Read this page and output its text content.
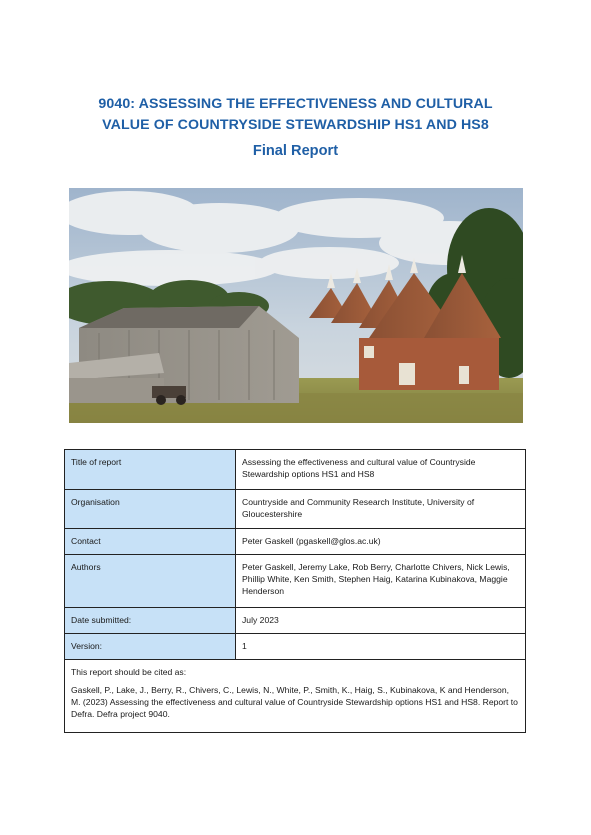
9040: ASSESSING THE EFFECTIVENESS AND CULTURAL
VALUE OF COUNTRYSIDE STEWARDSHIP HS1 AND HS8
Final Report
Title of report	Assessing the effectiveness and cultural value of Countryside Stewardship options HS1 and HS8
Organisation	Countryside and Community Research Institute, University of Gloucestershire
Contact	Peter Gaskell (pgaskell@glos.ac.uk)
Authors	Peter Gaskell, Jeremy Lake, Rob Berry, Charlotte Chivers, Nick Lewis, Phillip White, Ken Smith, Stephen Haig, Katarina Kubinakova, Maggie Henderson
Date submitted:	July 2023
Version:	1

This report should be cited as:
Gaskell, P., Lake, J., Berry, R., Chivers, C., Lewis, N., White, P., Smith, K., Haig, S., Kubinakova, K and Henderson, M. (2023) Assessing the effectiveness and cultural value of Countryside Stewardship options HS1 and HS8. Report to Defra. Defra project 9040.	
